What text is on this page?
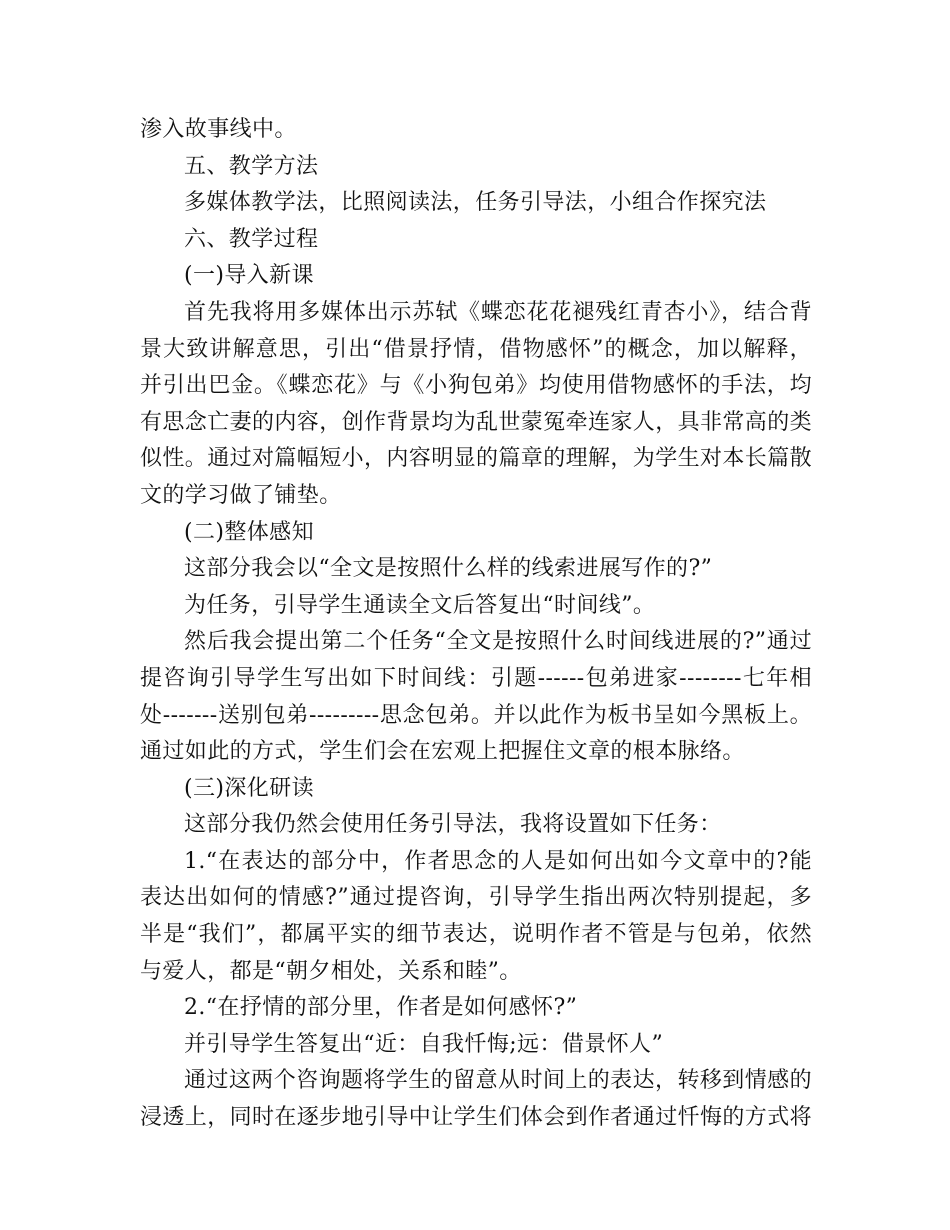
渗入故事线中。

五、教学方法

多媒体教学法，比照阅读法，任务引导法，小组合作探究法

六、教学过程

(一)导入新课

首先我将用多媒体出示苏轼《蝶恋花花褪残红青杏小》，结合背景大致讲解意思，引出“借景抒情，借物感怀”的概念，加以解释，并引出巴金。《蝶恋花》与《小狗包弟》均使用借物感怀的手法，均有思念亡妻的内容，创作背景均为乱世蒙冤牵连家人，具非常高的类似性。通过对篇幅短小，内容明显的篇章的理解，为学生对本长篇散文的学习做了铺垫。

(二)整体感知

这部分我会以“全文是按照什么样的线索进展写作的?”

为任务，引导学生通读全文后答复出“时间线”。

然后我会提出第二个任务“全文是按照什么时间线进展的?”通过提咨询引导学生写出如下时间线：引题------包弟进家--------七年相处-------送别包弟---------思念包弟。并以此作为板书呈如今黑板上。通过如此的方式，学生们会在宏观上把握住文章的根本脉络。

(三)深化研读

这部分我仍然会使用任务引导法，我将设置如下任务：

1.“在表达的部分中，作者思念的人是如何出如今文章中的?能表达出如何的情感?”通过提咨询，引导学生指出两次特别提起，多半是“我们”，都属平实的细节表达，说明作者不管是与包弟，依然与爱人，都是“朝夕相处，关系和睦”。

2.“在抒情的部分里，作者是如何感怀?”

并引导学生答复出“近：自我忏悔;远：借景怀人”

通过这两个咨询题将学生的留意从时间上的表达，转移到情感的浸透上，同时在逐步地引导中让学生们体会到作者通过忏悔的方式将
